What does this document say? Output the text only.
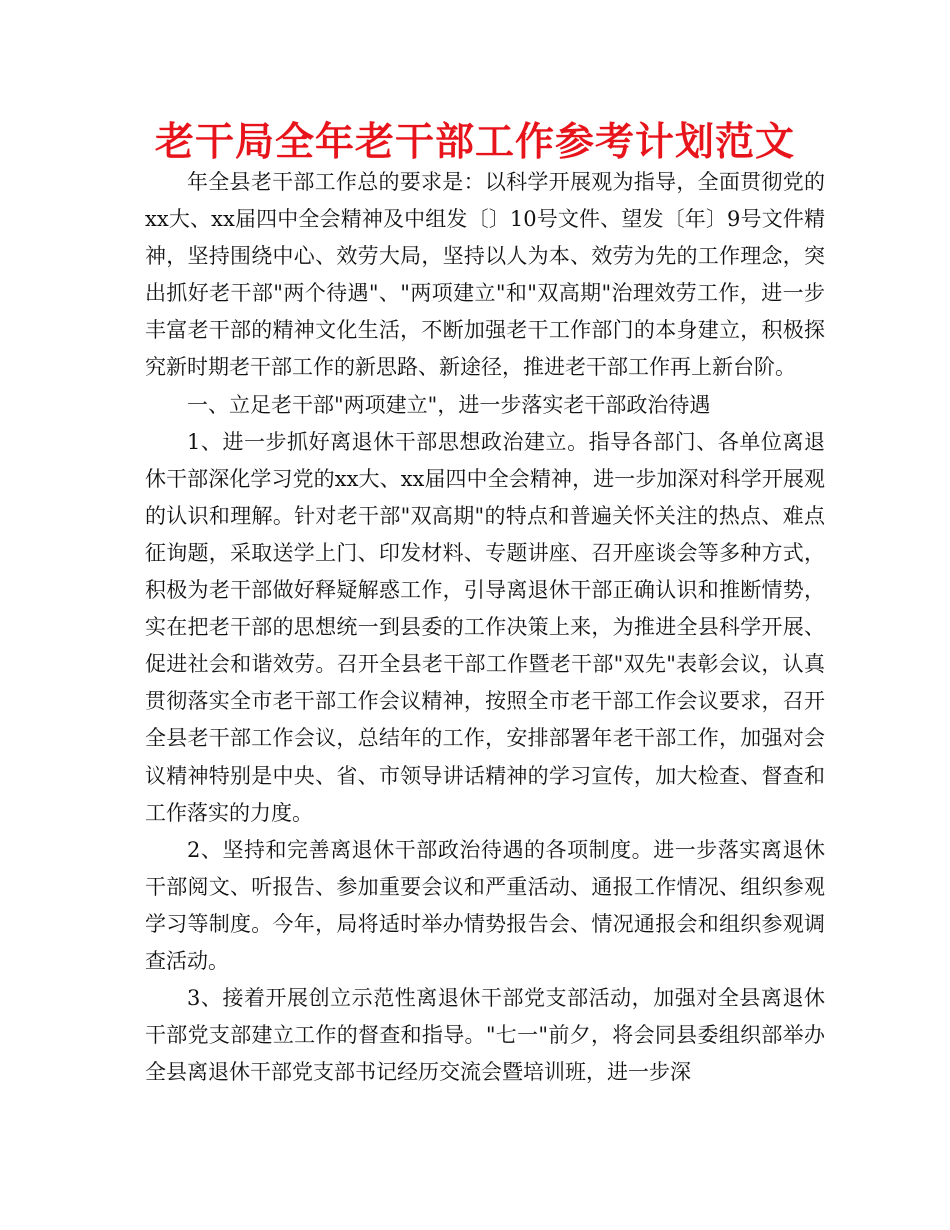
老干局全年老干部工作参考计划范文

年全县老干部工作总的要求是：以科学开展观为指导，全面贯彻党的xx大、xx届四中全会精神及中组发〔〕10号文件、望发〔年〕9号文件精神，坚持围绕中心、效劳大局，坚持以人为本、效劳为先的工作理念，突出抓好老干部"两个待遇"、"两项建立"和"双高期"治理效劳工作，进一步丰富老干部的精神文化生活，不断加强老干工作部门的本身建立，积极探究新时期老干部工作的新思路、新途径，推进老干部工作再上新台阶。

一、立足老干部"两项建立"，进一步落实老干部政治待遇

1、进一步抓好离退休干部思想政治建立。指导各部门、各单位离退休干部深化学习党的xx大、xx届四中全会精神，进一步加深对科学开展观的认识和理解。针对老干部"双高期"的特点和普遍关怀关注的热点、难点征询题，采取送学上门、印发材料、专题讲座、召开座谈会等多种方式，积极为老干部做好释疑解惑工作，引导离退休干部正确认识和推断情势，实在把老干部的思想统一到县委的工作决策上来，为推进全县科学开展、促进社会和谐效劳。召开全县老干部工作暨老干部"双先"表彰会议，认真贯彻落实全市老干部工作会议精神，按照全市老干部工作会议要求，召开全县老干部工作会议，总结年的工作，安排部署年老干部工作，加强对会议精神特别是中央、省、市领导讲话精神的学习宣传，加大检查、督查和工作落实的力度。

2、坚持和完善离退休干部政治待遇的各项制度。进一步落实离退休干部阅文、听报告、参加重要会议和严重活动、通报工作情况、组织参观学习等制度。今年，局将适时举办情势报告会、情况通报会和组织参观调查活动。

3、接着开展创立示范性离退休干部党支部活动，加强对全县离退休干部党支部建立工作的督查和指导。"七一"前夕，将会同县委组织部举办全县离退休干部党支部书记经历交流会暨培训班，进一步深
